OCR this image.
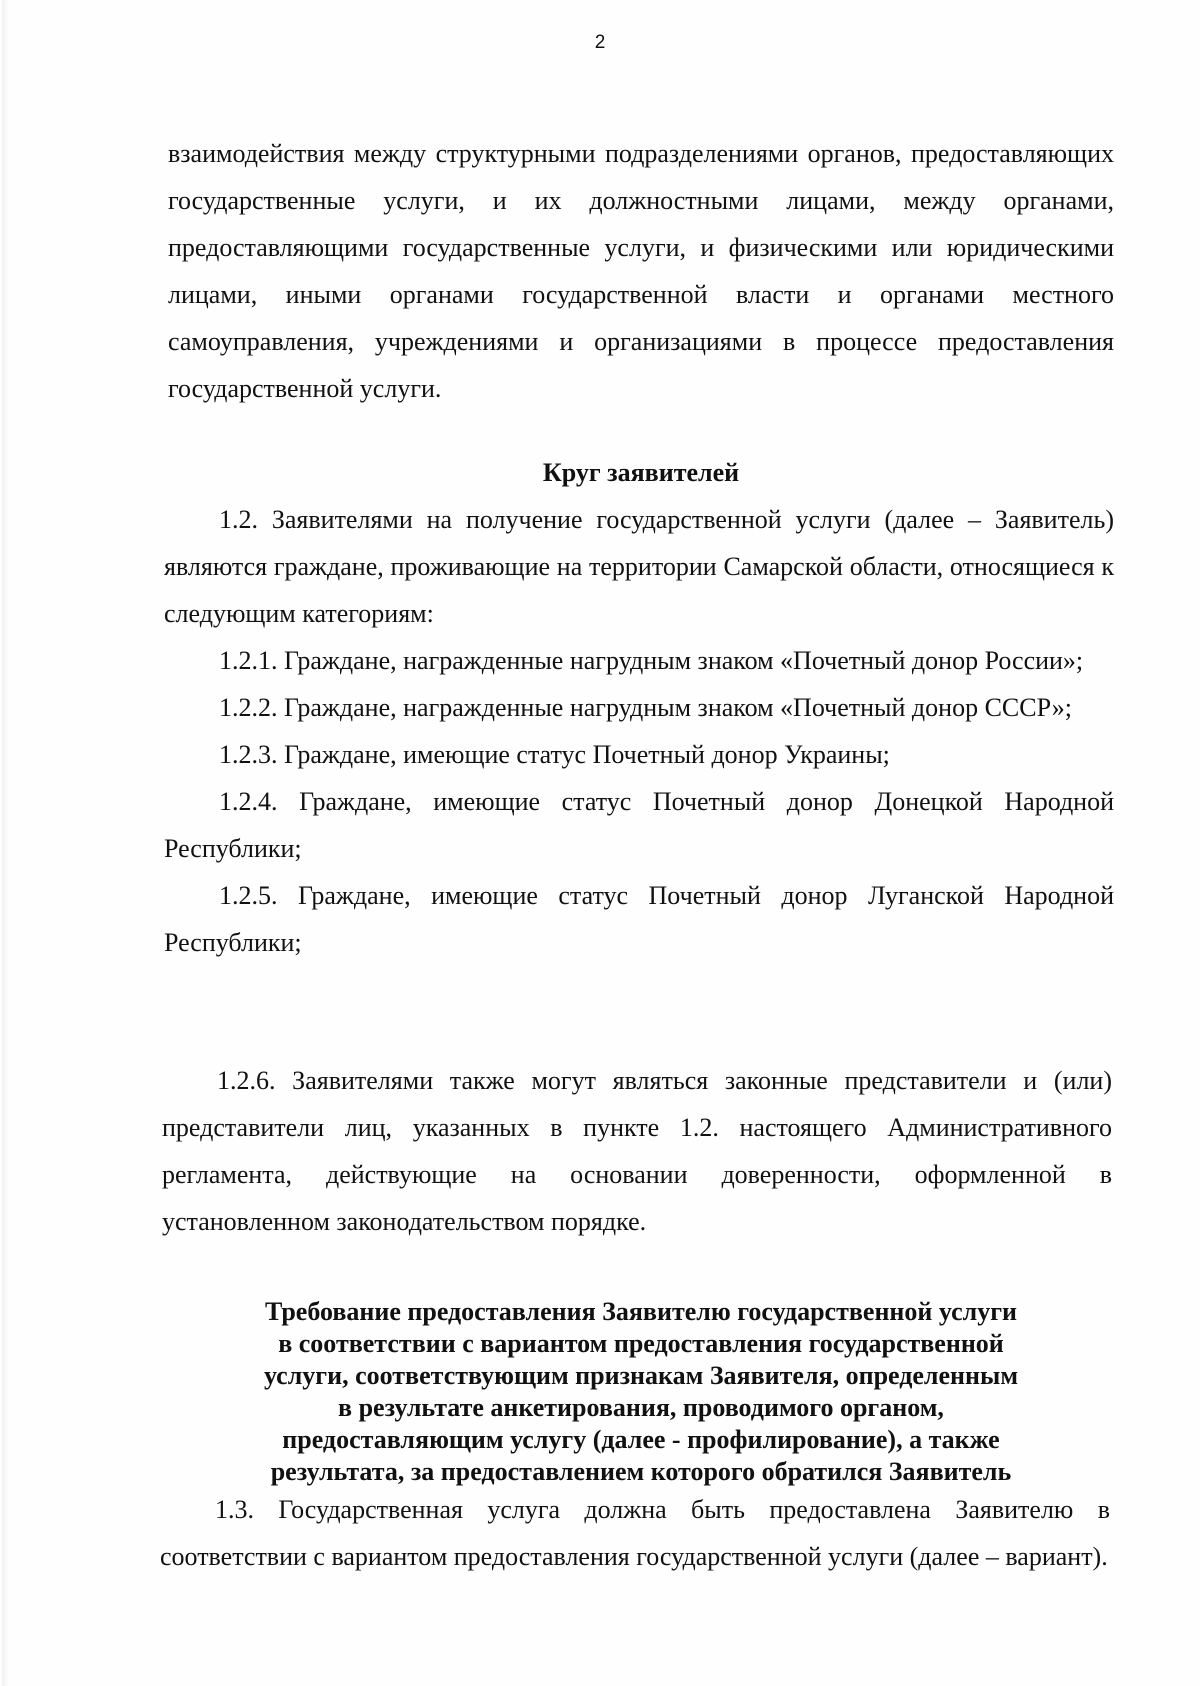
2

взаимодействия между структурными подразделениями органов, предоставляющих государственные услуги, и их должностными лицами, между органами, предоставляющими государственные услуги, и физическими или юридическими лицами, иными органами государственной власти и органами местного самоуправления, учреждениями и организациями в процессе предоставления государственной услуги.

Круг заявителей

1.2. Заявителями на получение государственной услуги (далее – Заявитель) являются граждане, проживающие на территории Самарской области, относящиеся к следующим категориям:

1.2.1. Граждане, награжденные нагрудным знаком «Почетный донор России»;

1.2.2. Граждане, награжденные нагрудным знаком «Почетный донор СССР»;

1.2.3. Граждане, имеющие статус Почетный донор Украины;

1.2.4. Граждане, имеющие статус Почетный донор Донецкой Народной Республики;

1.2.5. Граждане, имеющие статус Почетный донор Луганской Народной Республики;

1.2.6. Заявителями также могут являться законные представители и (или) представители лиц, указанных в пункте 1.2. настоящего Административного регламента, действующие на основании доверенности, оформленной в установленном законодательством порядке.

Требование предоставления Заявителю государственной услуги

в соответствии с вариантом предоставления государственной

услуги, соответствующим признакам Заявителя, определенным

в результате анкетирования, проводимого органом,

предоставляющим услугу (далее - профилирование), а также

результата, за предоставлением которого обратился Заявитель

1.3. Государственная услуга должна быть предоставлена Заявителю в соответствии с вариантом предоставления государственной услуги (далее – вариант).
